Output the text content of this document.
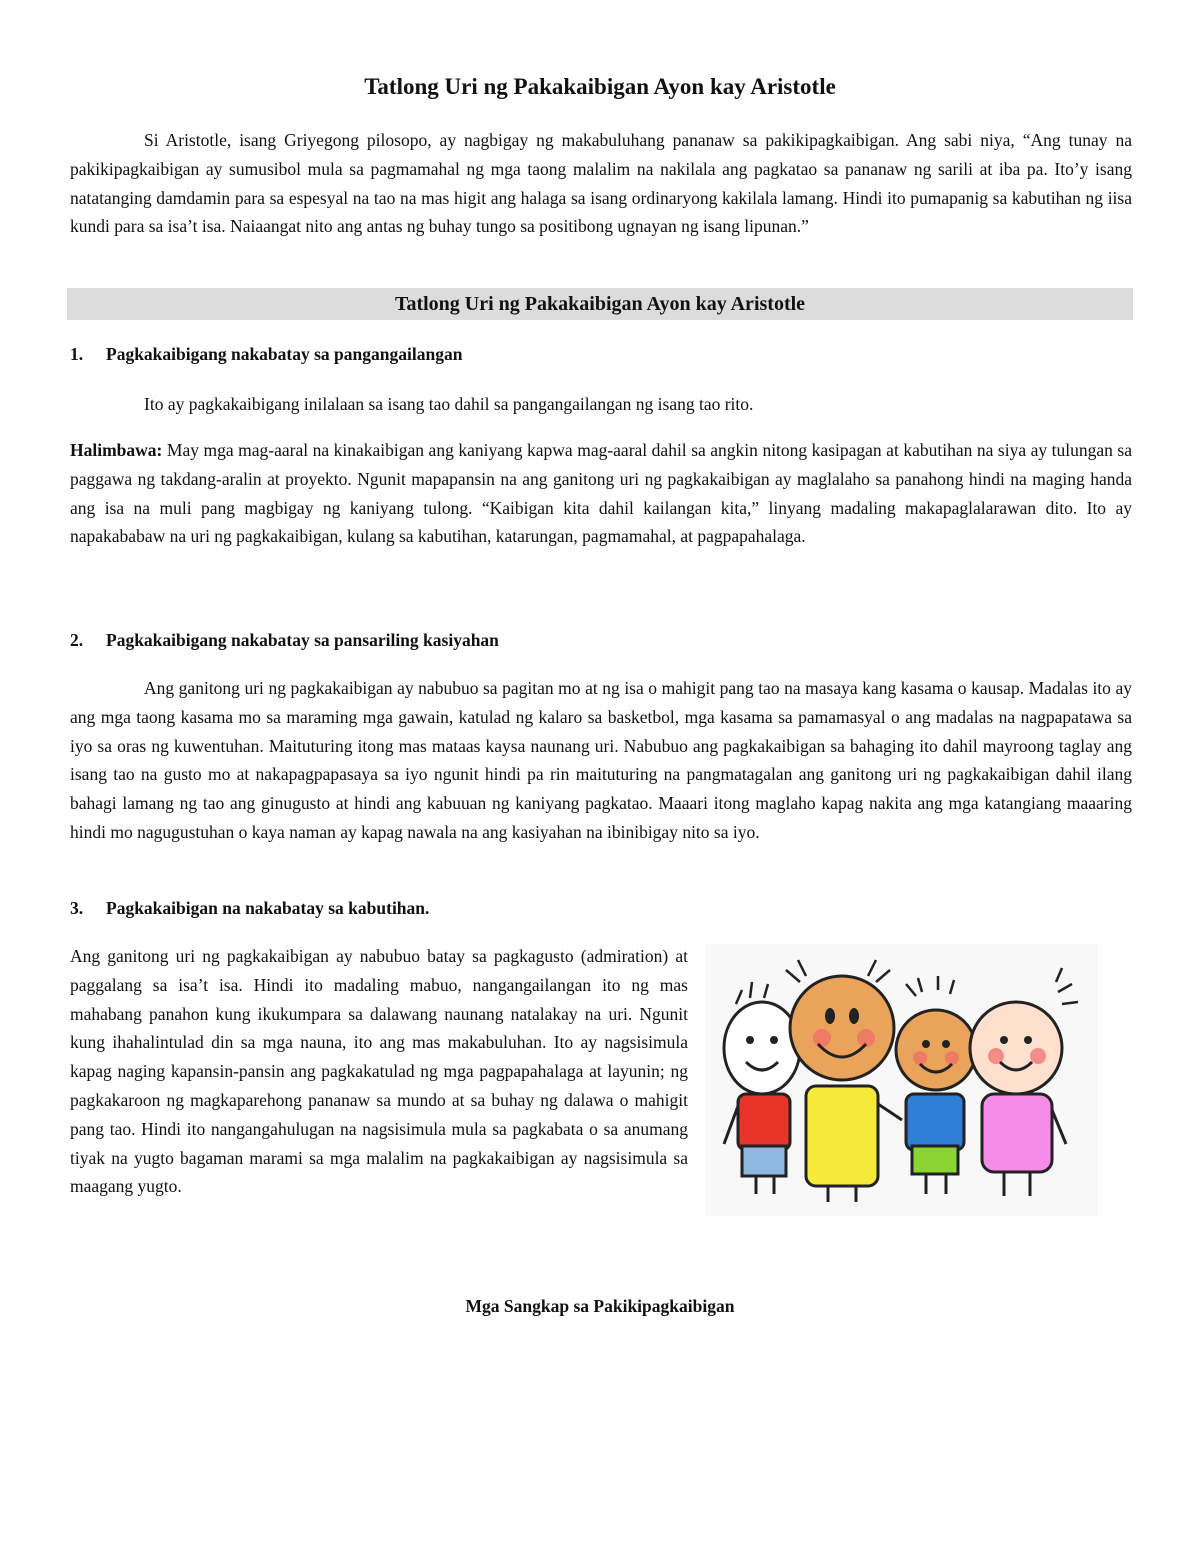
Tatlong Uri ng Pakakaibigan Ayon kay Aristotle

Si Aristotle, isang Griyegong pilosopo, ay nagbigay ng makabuluhang pananaw sa pakikipagkaibigan. Ang sabi niya, “Ang tunay na pakikipagkaibigan ay sumusibol mula sa pagmamahal ng mga taong malalim na nakilala ang pagkatao sa pananaw ng sarili at iba pa. Ito’y isang natatanging damdamin para sa espesyal na tao na mas higit ang halaga sa isang ordinaryong kakilala lamang. Hindi ito pumapanig sa kabutihan ng iisa kundi para sa isa’t isa. Naiaangat nito ang antas ng buhay tungo sa positibong ugnayan ng isang lipunan.”

Tatlong Uri ng Pakakaibigan Ayon kay Aristotle
1. Pagkakaibigang nakabatay sa pangangailangan

Ito ay pagkakaibigang inilalaan sa isang tao dahil sa pangangailangan ng isang tao rito.

Halimbawa: May mga mag-aaral na kinakaibigan ang kaniyang kapwa mag-aaral dahil sa angkin nitong kasipagan at kabutihan na siya ay tulungan sa paggawa ng takdang-aralin at proyekto. Ngunit mapapansin na ang ganitong uri ng pagkakaibigan ay maglalaho sa panahong hindi na maging handa ang isa na muli pang magbigay ng kaniyang tulong. “Kaibigan kita dahil kailangan kita,” linyang madaling makapaglalarawan dito. Ito ay napakababaw na uri ng pagkakaibigan, kulang sa kabutihan, katarungan, pagmamahal, at pagpapahalaga.

2. Pagkakaibigang nakabatay sa pansariling kasiyahan

Ang ganitong uri ng pagkakaibigan ay nabubuo sa pagitan mo at ng isa o mahigit pang tao na masaya kang kasama o kausap. Madalas ito ay ang mga taong kasama mo sa maraming mga gawain, katulad ng kalaro sa basketbol, mga kasama sa pamamasyal o ang madalas na nagpapatawa sa iyo sa oras ng kuwentuhan. Maituturing itong mas mataas kaysa naunang uri. Nabubuo ang pagkakaibigan sa bahaging ito dahil mayroong taglay ang isang tao na gusto mo at nakapagpapasaya sa iyo ngunit hindi pa rin maituturing na pangmatagalan ang ganitong uri ng pagkakaibigan dahil ilang bahagi lamang ng tao ang ginugusto at hindi ang kabuuan ng kaniyang pagkatao. Maaari itong maglaho kapag nakita ang mga katangiang maaaring hindi mo nagugustuhan o kaya naman ay kapag nawala na ang kasiyahan na ibinibigay nito sa iyo.

3. Pagkakaibigan na nakabatay sa kabutihan.

Ang ganitong uri ng pagkakaibigan ay nabubuo batay sa pagkagusto (admiration) at paggalang sa isa’t isa. Hindi ito madaling mabuo, nangangailangan ito ng mas mahabang panahon kung ikukumpara sa dalawang naunang natalakay na uri. Ngunit kung ihahalintulad din sa mga nauna, ito ang mas makabuluhan. Ito ay nagsisimula kapag naging kapansin-pansin ang pagkakatulad ng mga pagpapahalaga at layunin; ng pagkakaroon ng magkaparehong pananaw sa mundo at sa buhay ng dalawa o mahigit pang tao. Hindi ito nangangahulugan na nagsisimula mula sa pagkabata o sa anumang tiyak na yugto bagaman marami sa mga malalim na pagkakaibigan ay nagsisimula sa maagang yugto.

Mga Sangkap sa Pakikipagkaibigan
